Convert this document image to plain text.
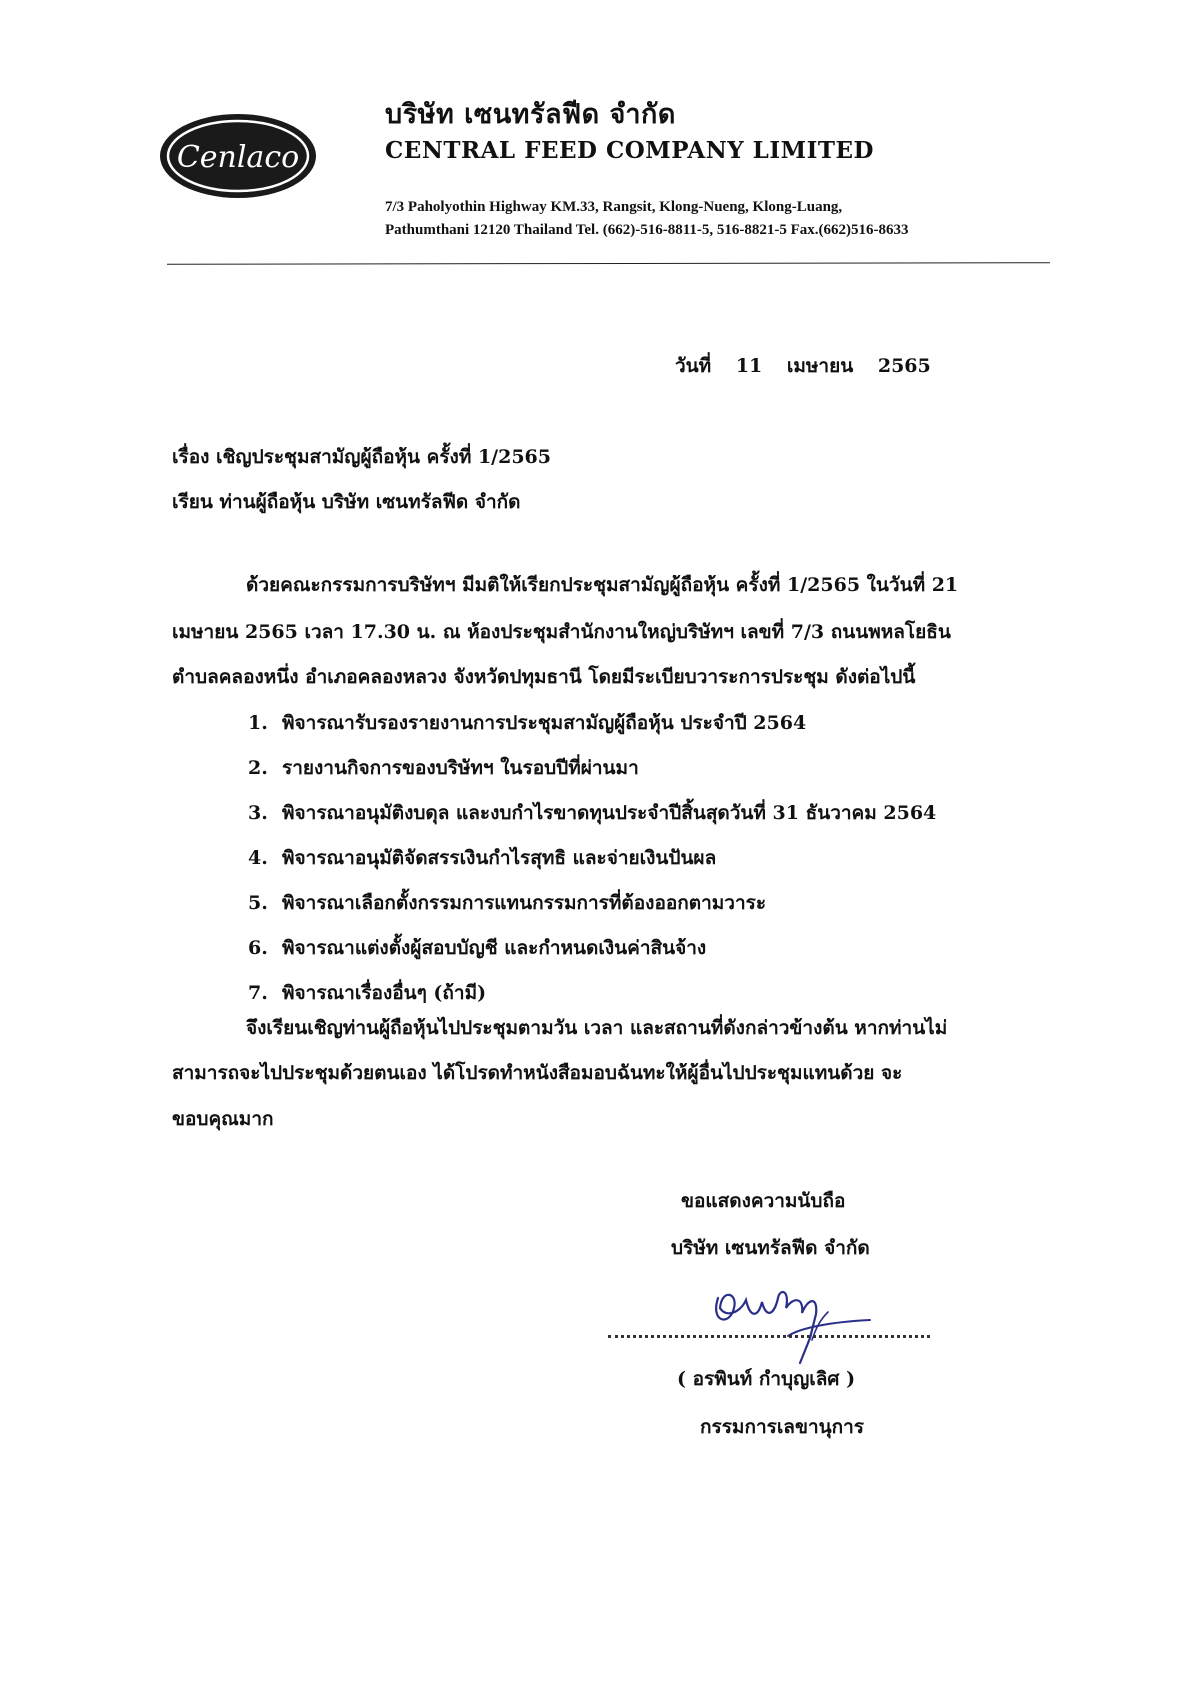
Cenlaco
บริษัท เซนทรัลฟีด จำกัด
CENTRAL FEED COMPANY LIMITED
7/3 Paholyothin Highway KM.33, Rangsit, Klong-Nueng, Klong-Luang,
Pathumthani 12120 Thailand Tel. (662)-516-8811-5, 516-8821-5 Fax.(662)516-8633
วันที่ 11 เมษายน 2565
เรื่อง เชิญประชุมสามัญผู้ถือหุ้น ครั้งที่ 1/2565
เรียน ท่านผู้ถือหุ้น บริษัท เซนทรัลฟีด จำกัด
ด้วยคณะกรรมการบริษัทฯ มีมติให้เรียกประชุมสามัญผู้ถือหุ้น ครั้งที่ 1/2565 ในวันที่ 21
เมษายน 2565 เวลา 17.30 น. ณ ห้องประชุมสำนักงานใหญ่บริษัทฯ เลขที่ 7/3 ถนนพหลโยธิน
ตำบลคลองหนึ่ง อำเภอคลองหลวง จังหวัดปทุมธานี โดยมีระเบียบวาระการประชุม ดังต่อไปนี้
1. พิจารณารับรองรายงานการประชุมสามัญผู้ถือหุ้น ประจำปี 2564
2. รายงานกิจการของบริษัทฯ ในรอบปีที่ผ่านมา
3. พิจารณาอนุมัติงบดุล และงบกำไรขาดทุนประจำปีสิ้นสุดวันที่ 31 ธันวาคม 2564
4. พิจารณาอนุมัติจัดสรรเงินกำไรสุทธิ และจ่ายเงินปันผล
5. พิจารณาเลือกตั้งกรรมการแทนกรรมการที่ต้องออกตามวาระ
6. พิจารณาแต่งตั้งผู้สอบบัญชี และกำหนดเงินค่าสินจ้าง
7. พิจารณาเรื่องอื่นๆ (ถ้ามี)
จึงเรียนเชิญท่านผู้ถือหุ้นไปประชุมตามวัน เวลา และสถานที่ดังกล่าวข้างต้น หากท่านไม่
สามารถจะไปประชุมด้วยตนเอง ได้โปรดทำหนังสือมอบฉันทะให้ผู้อื่นไปประชุมแทนด้วย จะ
ขอบคุณมาก
ขอแสดงความนับถือ
บริษัท เซนทรัลฟีด จำกัด
( อรพินท์ กำบุญเลิศ )
กรรมการเลขานุการ
